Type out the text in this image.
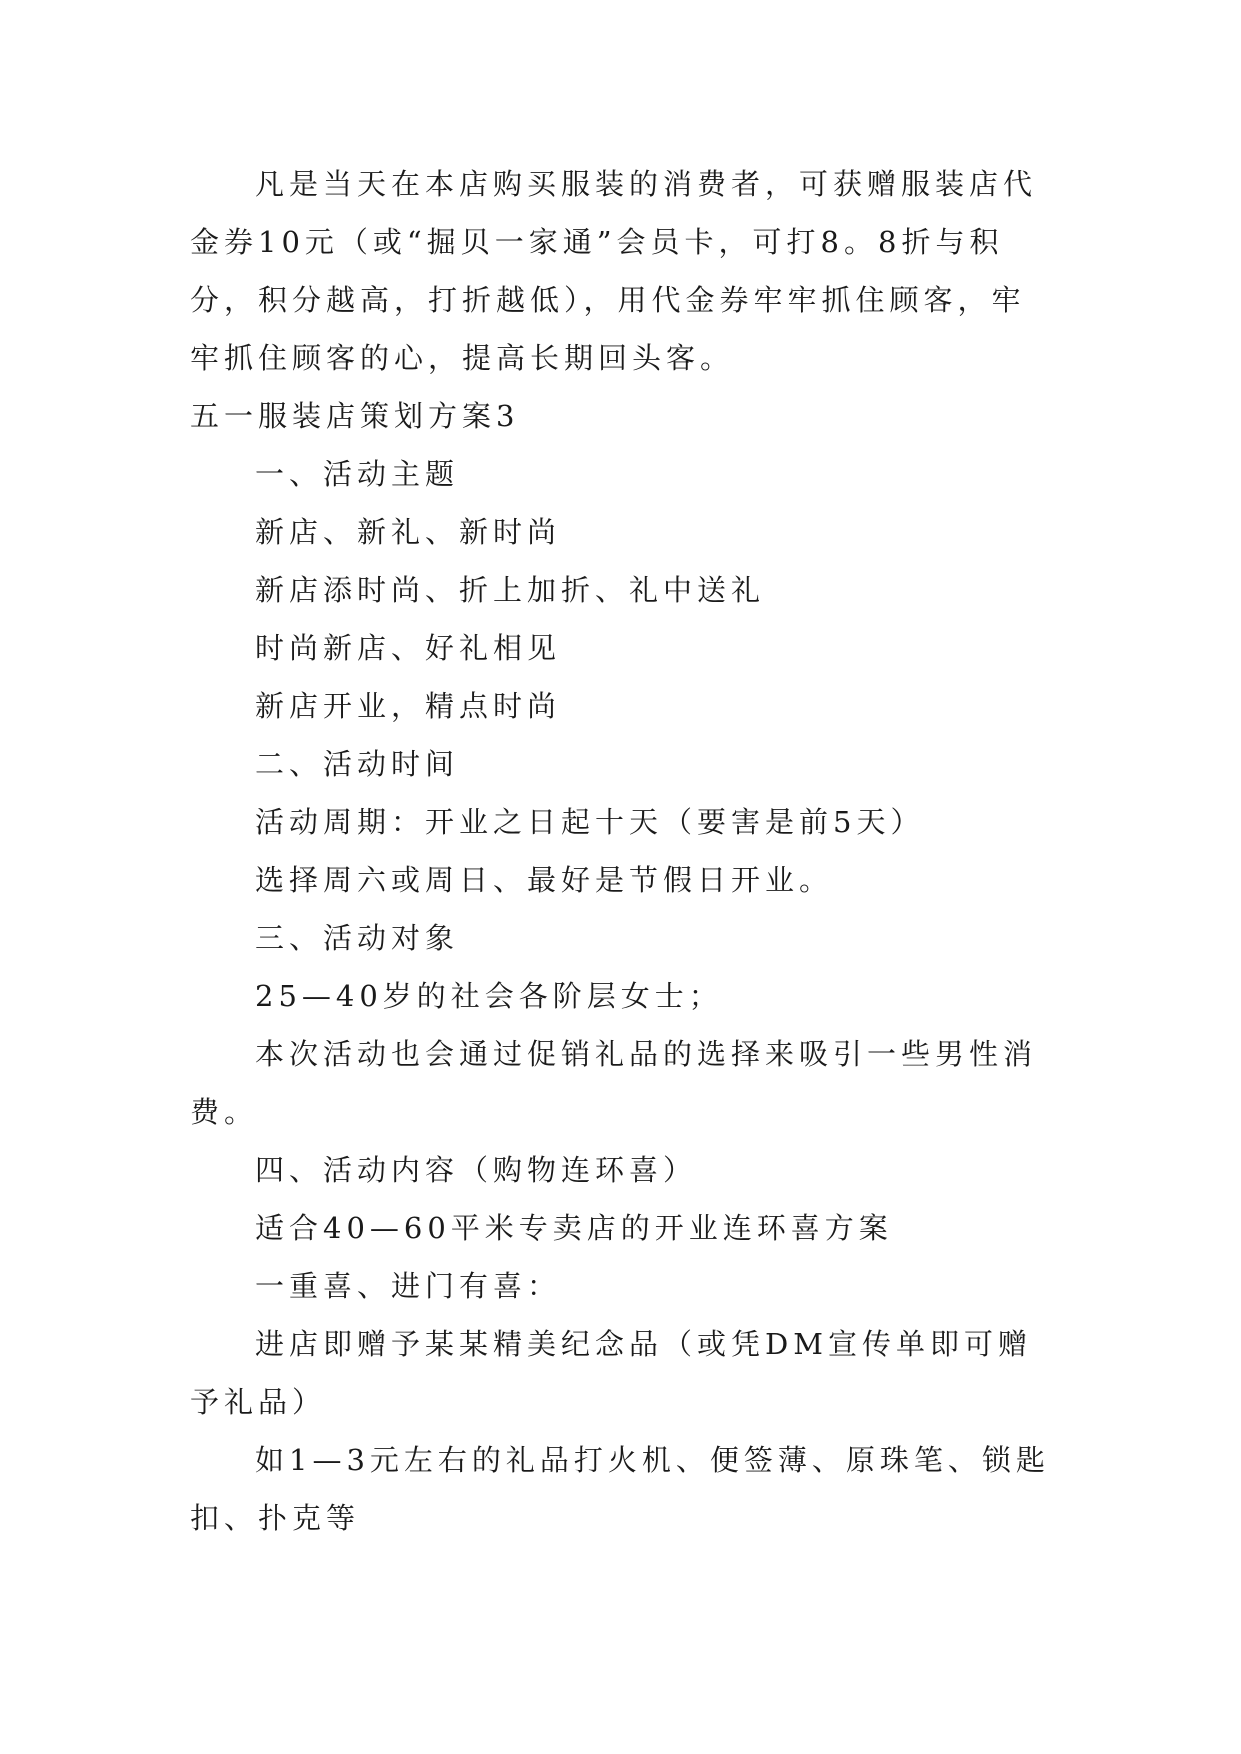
凡是当天在本店购买服装的消费者，可获赠服装店代金券10元（或“掘贝一家通”会员卡，可打8。8折与积分，积分越高，打折越低），用代金券牢牢抓住顾客，牢牢抓住顾客的心，提高长期回头客。

五一服装店策划方案3

一、活动主题

新店、新礼、新时尚

新店添时尚、折上加折、礼中送礼

时尚新店、好礼相见

新店开业，精点时尚

二、活动时间

活动周期：开业之日起十天（要害是前5天）

选择周六或周日、最好是节假日开业。

三、活动对象

25—40岁的社会各阶层女士；

本次活动也会通过促销礼品的选择来吸引一些男性消费。

四、活动内容（购物连环喜）

适合40—60平米专卖店的开业连环喜方案

一重喜、进门有喜：

进店即赠予某某精美纪念品（或凭DM宣传单即可赠予礼品）

如1—3元左右的礼品打火机、便签薄、原珠笔、锁匙扣、扑克等
